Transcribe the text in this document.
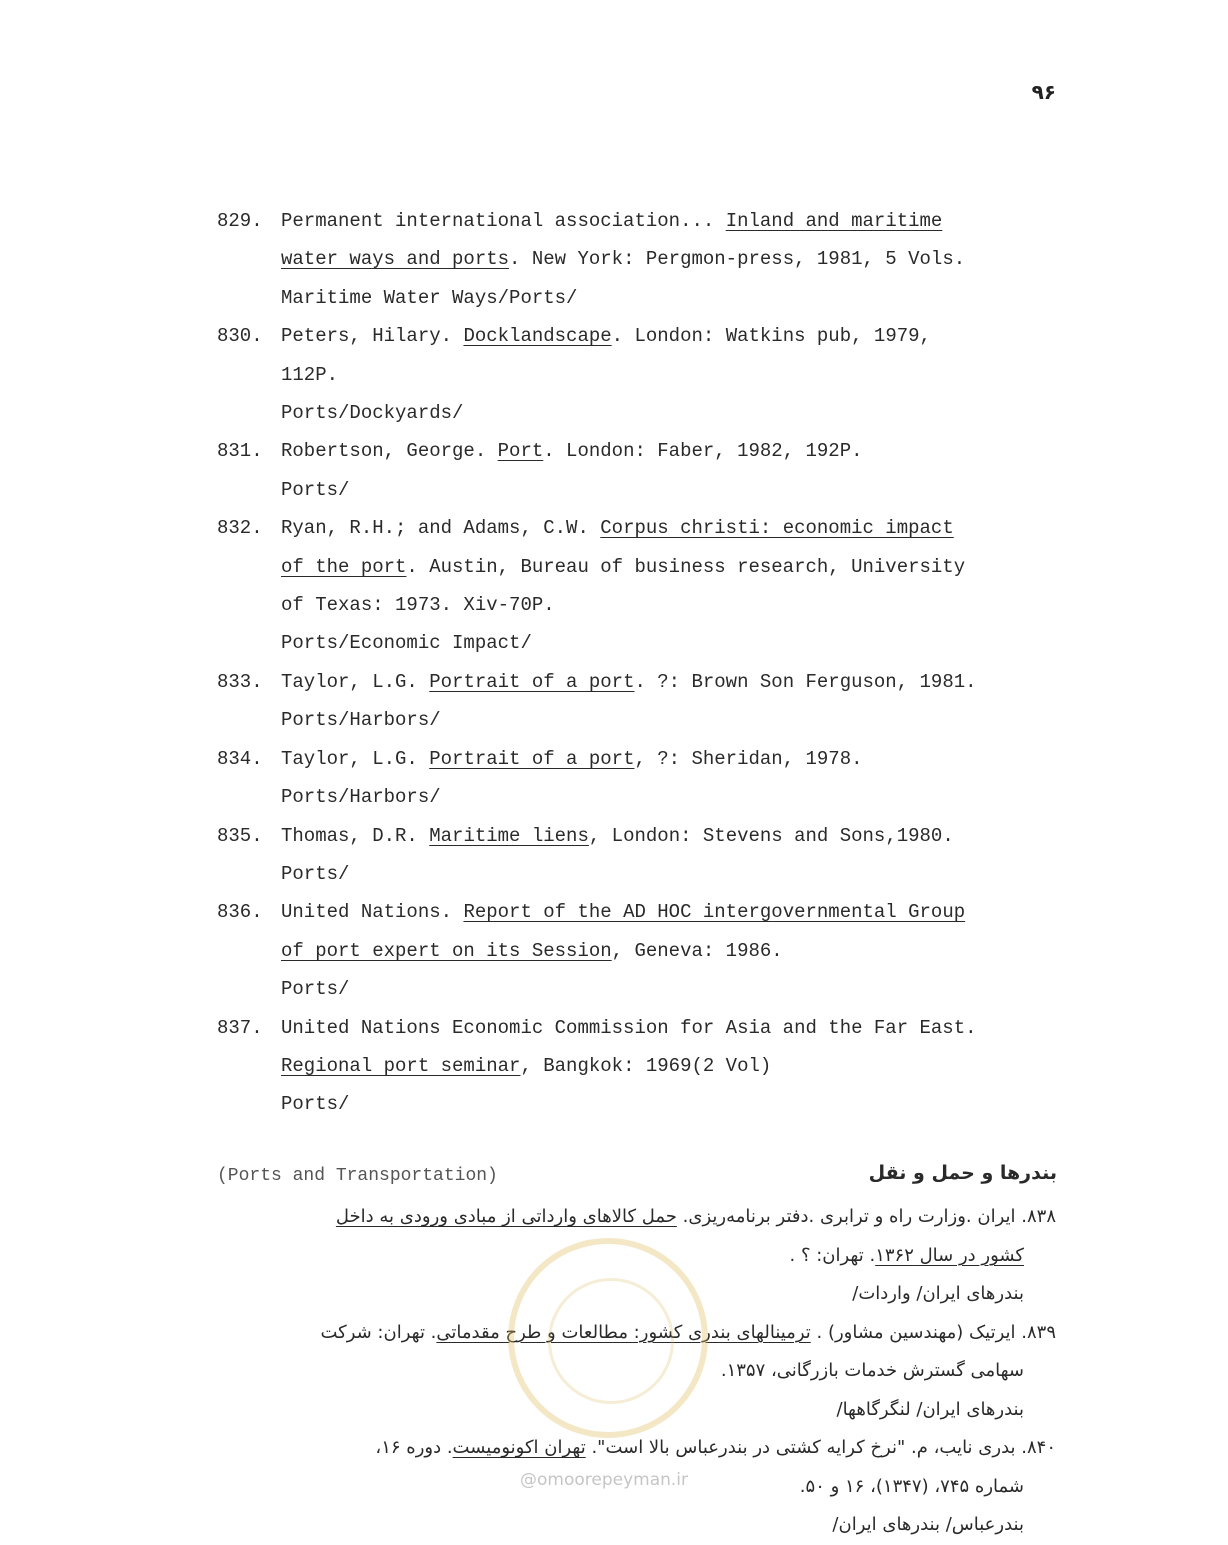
۹۶
829. Permanent international association... Inland and maritime
water ways and ports. New York: Pergmon-press, 1981, 5 Vols.
Maritime Water Ways/Ports/
830. Peters, Hilary. Docklandscape. London: Watkins pub, 1979,
112P.
Ports/Dockyards/
831. Robertson, George. Port. London: Faber, 1982, 192P.
Ports/
832. Ryan, R.H.; and Adams, C.W. Corpus christi: economic impact
of the port. Austin, Bureau of business research, University
of Texas: 1973. Xiv-70P.
Ports/Economic Impact/
833. Taylor, L.G. Portrait of a port. ?: Brown Son Ferguson, 1981.
Ports/Harbors/
834. Taylor, L.G. Portrait of a port, ?: Sheridan, 1978.
Ports/Harbors/
835. Thomas, D.R. Maritime liens, London: Stevens and Sons,1980.
Ports/
836. United Nations. Report of the AD HOC intergovernmental Group
of port expert on its Session, Geneva: 1986.
Ports/
837. United Nations Economic Commission for Asia and the Far East.
Regional port seminar, Bangkok: 1969(2 Vol)
Ports/
(Ports and Transportation)	بندرها و حمل و نقل
۸۳۸. ایران .وزارت راه و ترابری .دفتر برنامه‌ریزی. حمل کالاهای وارداتی از مبادی ورودی به داخل
کشور در سال ۱۳۶۲. تهران: ؟ .
بندرهای ایران/ واردات/
۸۳۹. ایرتیک (مهندسین مشاور) . ترمینالهای بندری کشور: مطالعات و طرح مقدماتی. تهران: شرکت
سهامی گسترش خدمات بازرگانی، ۱۳۵۷.
بندرهای ایران/ لنگرگاهها/
۸۴۰. بدری نایب، م. "نرخ کرایه کشتی در بندرعباس بالا است". تهران اکونومیست. دوره ۱۶،
شماره ۷۴۵، (۱۳۴۷)، ۱۶ و ۵۰.
بندرعباس/ بندرهای ایران/
@omoorepeyman.ir
